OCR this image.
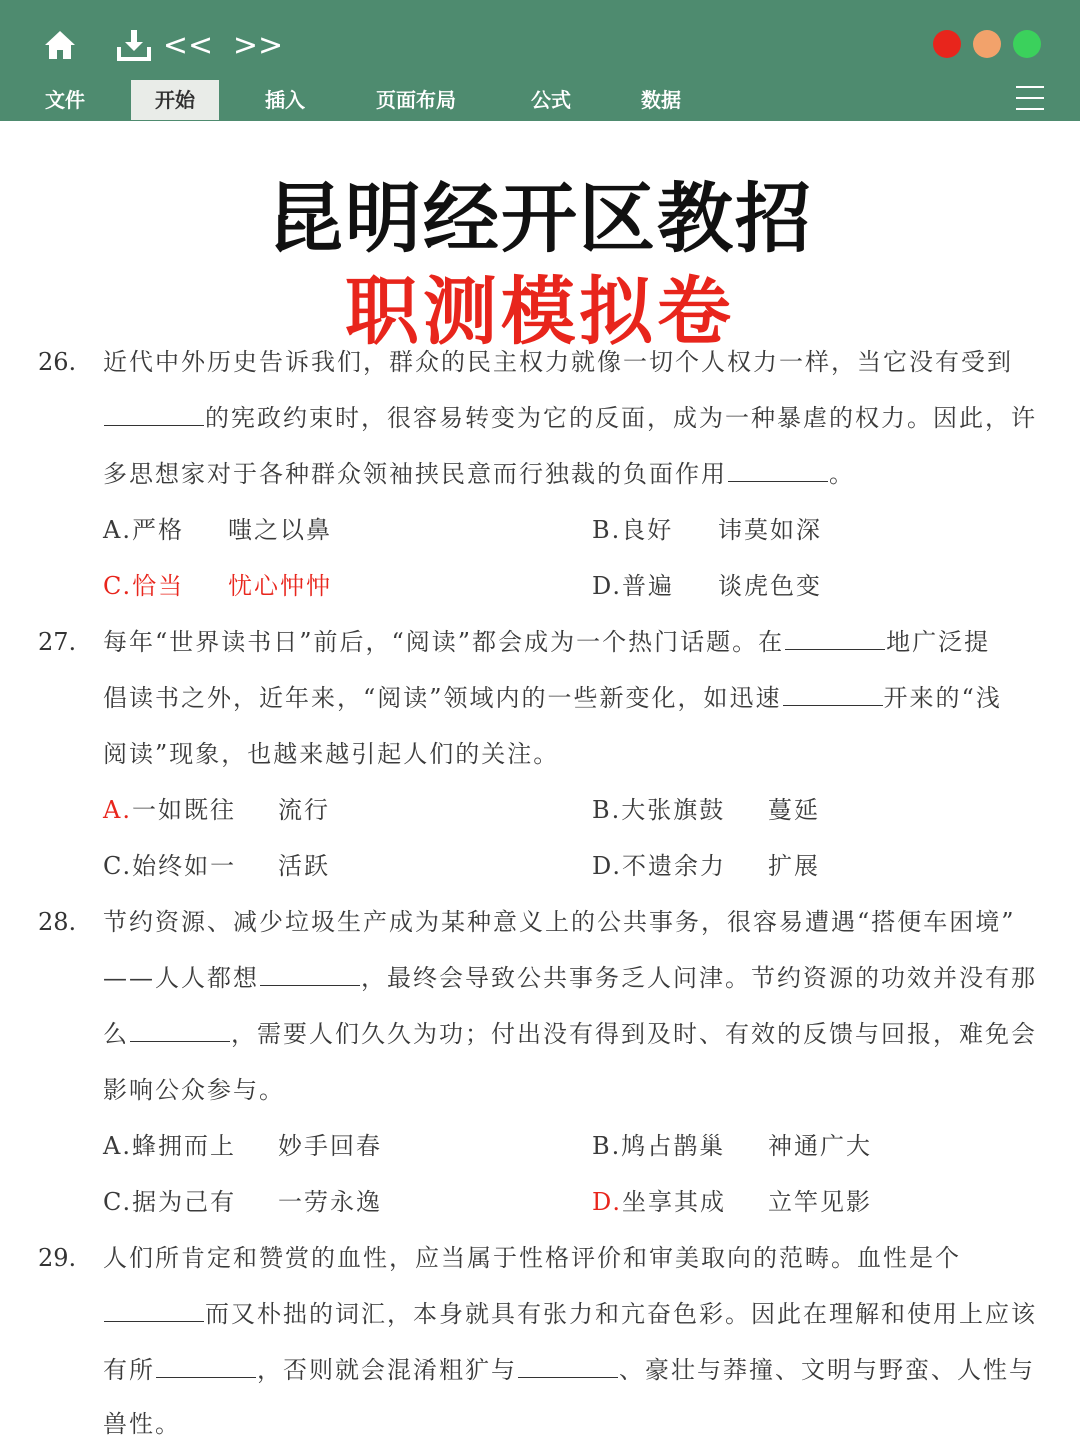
<< >>
文件	开始	插入	页面布局	公式	数据
昆明经开区教招
职测模拟卷
26. 近代中外历史告诉我们，群众的民主权力就像一切个人权力一样，当它没有受到
的宪政约束时，很容易转变为它的反面，成为一种暴虐的权力。因此，许
多思想家对于各种群众领袖挟民意而行独裁的负面作用	。
A.严格 嗤之以鼻	B.良好 讳莫如深
C.恰当 忧心忡忡	D.普遍 谈虎色变
27. 每年“世界读书日”前后，“阅读”都会成为一个热门话题。在	地广泛提
倡读书之外，近年来，“阅读”领域内的一些新变化，如迅速	开来的“浅
阅读”现象，也越来越引起人们的关注。
A.一如既往 流行	B.大张旗鼓 蔓延
C.始终如一 活跃	D.不遗余力 扩展
28. 节约资源、减少垃圾生产成为某种意义上的公共事务，很容易遭遇“搭便车困境”
——人人都想	，最终会导致公共事务乏人问津。节约资源的功效并没有那
么	，需要人们久久为功；付出没有得到及时、有效的反馈与回报，难免会
影响公众参与。
A.蜂拥而上 妙手回春	B.鸠占鹊巢 神通广大
C.据为己有 一劳永逸	D.坐享其成 立竿见影
29. 人们所肯定和赞赏的血性，应当属于性格评价和审美取向的范畴。血性是个
而又朴拙的词汇，本身就具有张力和亢奋色彩。因此在理解和使用上应该
有所	，否则就会混淆粗犷与	、豪壮与莽撞、文明与野蛮、人性与
兽性。
